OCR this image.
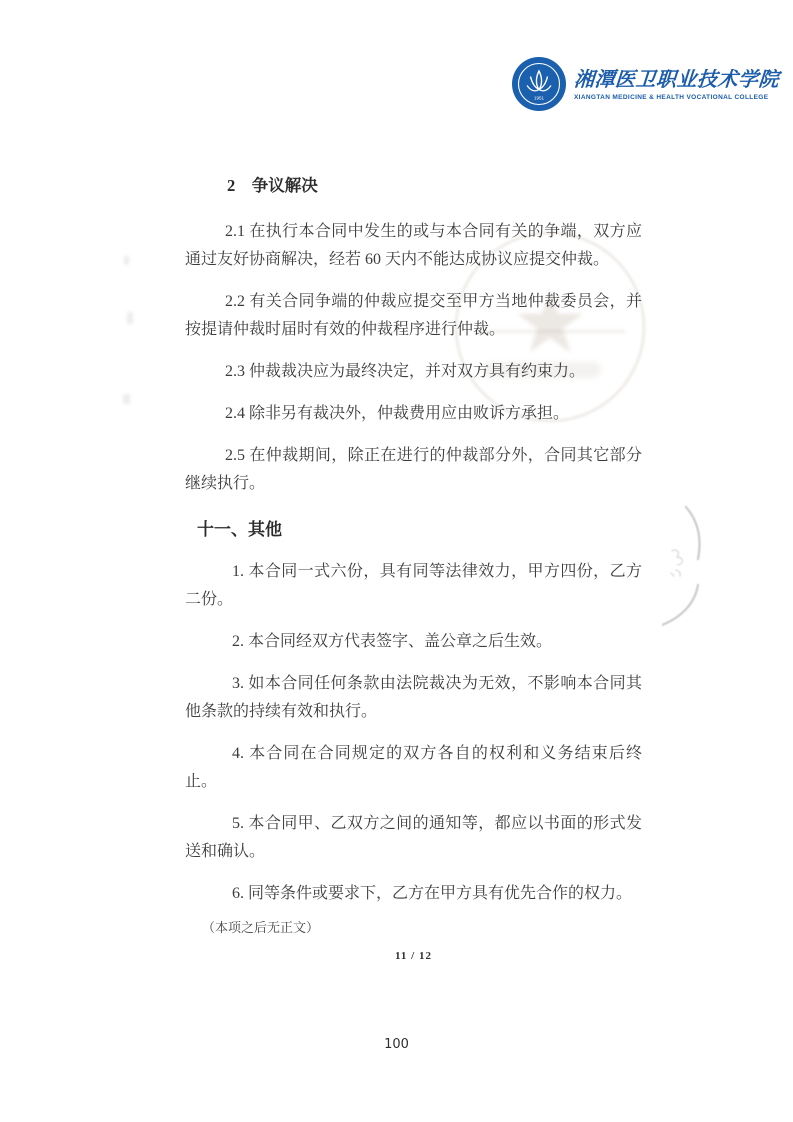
1951
湘潭医卫职业技术学院
XIANGTAN MEDICINE & HEALTH VOCATIONAL COLLEGE
★
2　争议解决

2.1 在执行本合同中发生的或与本合同有关的争端，双方应通过友好协商解决，经若 60 天内不能达成协议应提交仲裁。

2.2 有关合同争端的仲裁应提交至甲方当地仲裁委员会，并按提请仲裁时届时有效的仲裁程序进行仲裁。

2.3 仲裁裁决应为最终决定，并对双方具有约束力。

2.4 除非另有裁决外，仲裁费用应由败诉方承担。

2.5 在仲裁期间，除正在进行的仲裁部分外，合同其它部分继续执行。

十一、其他

1. 本合同一式六份，具有同等法律效力，甲方四份，乙方二份。

2. 本合同经双方代表签字、盖公章之后生效。

3. 如本合同任何条款由法院裁决为无效，不影响本合同其他条款的持续有效和执行。

4. 本合同在合同规定的双方各自的权利和义务结束后终止。

5. 本合同甲、乙双方之间的通知等，都应以书面的形式发送和确认。

6. 同等条件或要求下，乙方在甲方具有优先合作的权力。

（本项之后无正文）

11 / 12
100
